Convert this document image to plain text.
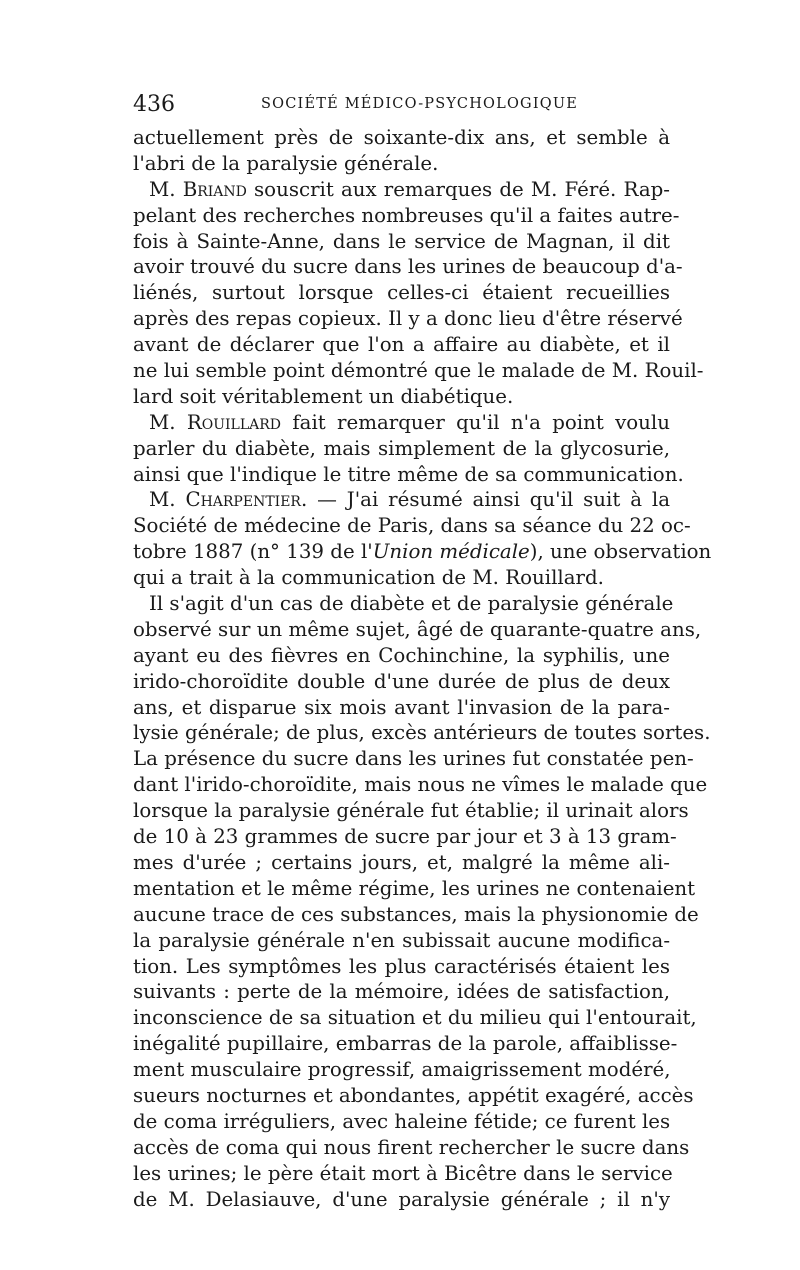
436	SOCIÉTÉ MÉDICO-PSYCHOLOGIQUE
actuellement près de soixante-dix ans, et semble à
l'abri de la paralysie générale.
M. Briand souscrit aux remarques de M. Féré. Rap-
pelant des recherches nombreuses qu'il a faites autre-
fois à Sainte-Anne, dans le service de Magnan, il dit
avoir trouvé du sucre dans les urines de beaucoup d'a-
liénés, surtout lorsque celles-ci étaient recueillies
après des repas copieux. Il y a donc lieu d'être réservé
avant de déclarer que l'on a affaire au diabète, et il
ne lui semble point démontré que le malade de M. Rouil-
lard soit véritablement un diabétique.
M. Rouillard fait remarquer qu'il n'a point voulu
parler du diabète, mais simplement de la glycosurie,
ainsi que l'indique le titre même de sa communication.
M. Charpentier. — J'ai résumé ainsi qu'il suit à la
Société de médecine de Paris, dans sa séance du 22 oc-
tobre 1887 (n° 139 de l'Union médicale), une observation
qui a trait à la communication de M. Rouillard.
Il s'agit d'un cas de diabète et de paralysie générale
observé sur un même sujet, âgé de quarante-quatre ans,
ayant eu des fièvres en Cochinchine, la syphilis, une
irido-choroïdite double d'une durée de plus de deux
ans, et disparue six mois avant l'invasion de la para-
lysie générale; de plus, excès antérieurs de toutes sortes.
La présence du sucre dans les urines fut constatée pen-
dant l'irido-choroïdite, mais nous ne vîmes le malade que
lorsque la paralysie générale fut établie; il urinait alors
de 10 à 23 grammes de sucre par jour et 3 à 13 gram-
mes d'urée ; certains jours, et, malgré la même ali-
mentation et le même régime, les urines ne contenaient
aucune trace de ces substances, mais la physionomie de
la paralysie générale n'en subissait aucune modifica-
tion. Les symptômes les plus caractérisés étaient les
suivants : perte de la mémoire, idées de satisfaction,
inconscience de sa situation et du milieu qui l'entourait,
inégalité pupillaire, embarras de la parole, affaiblisse-
ment musculaire progressif, amaigrissement modéré,
sueurs nocturnes et abondantes, appétit exagéré, accès
de coma irréguliers, avec haleine fétide; ce furent les
accès de coma qui nous firent rechercher le sucre dans
les urines; le père était mort à Bicêtre dans le service
de M. Delasiauve, d'une paralysie générale ; il n'y
